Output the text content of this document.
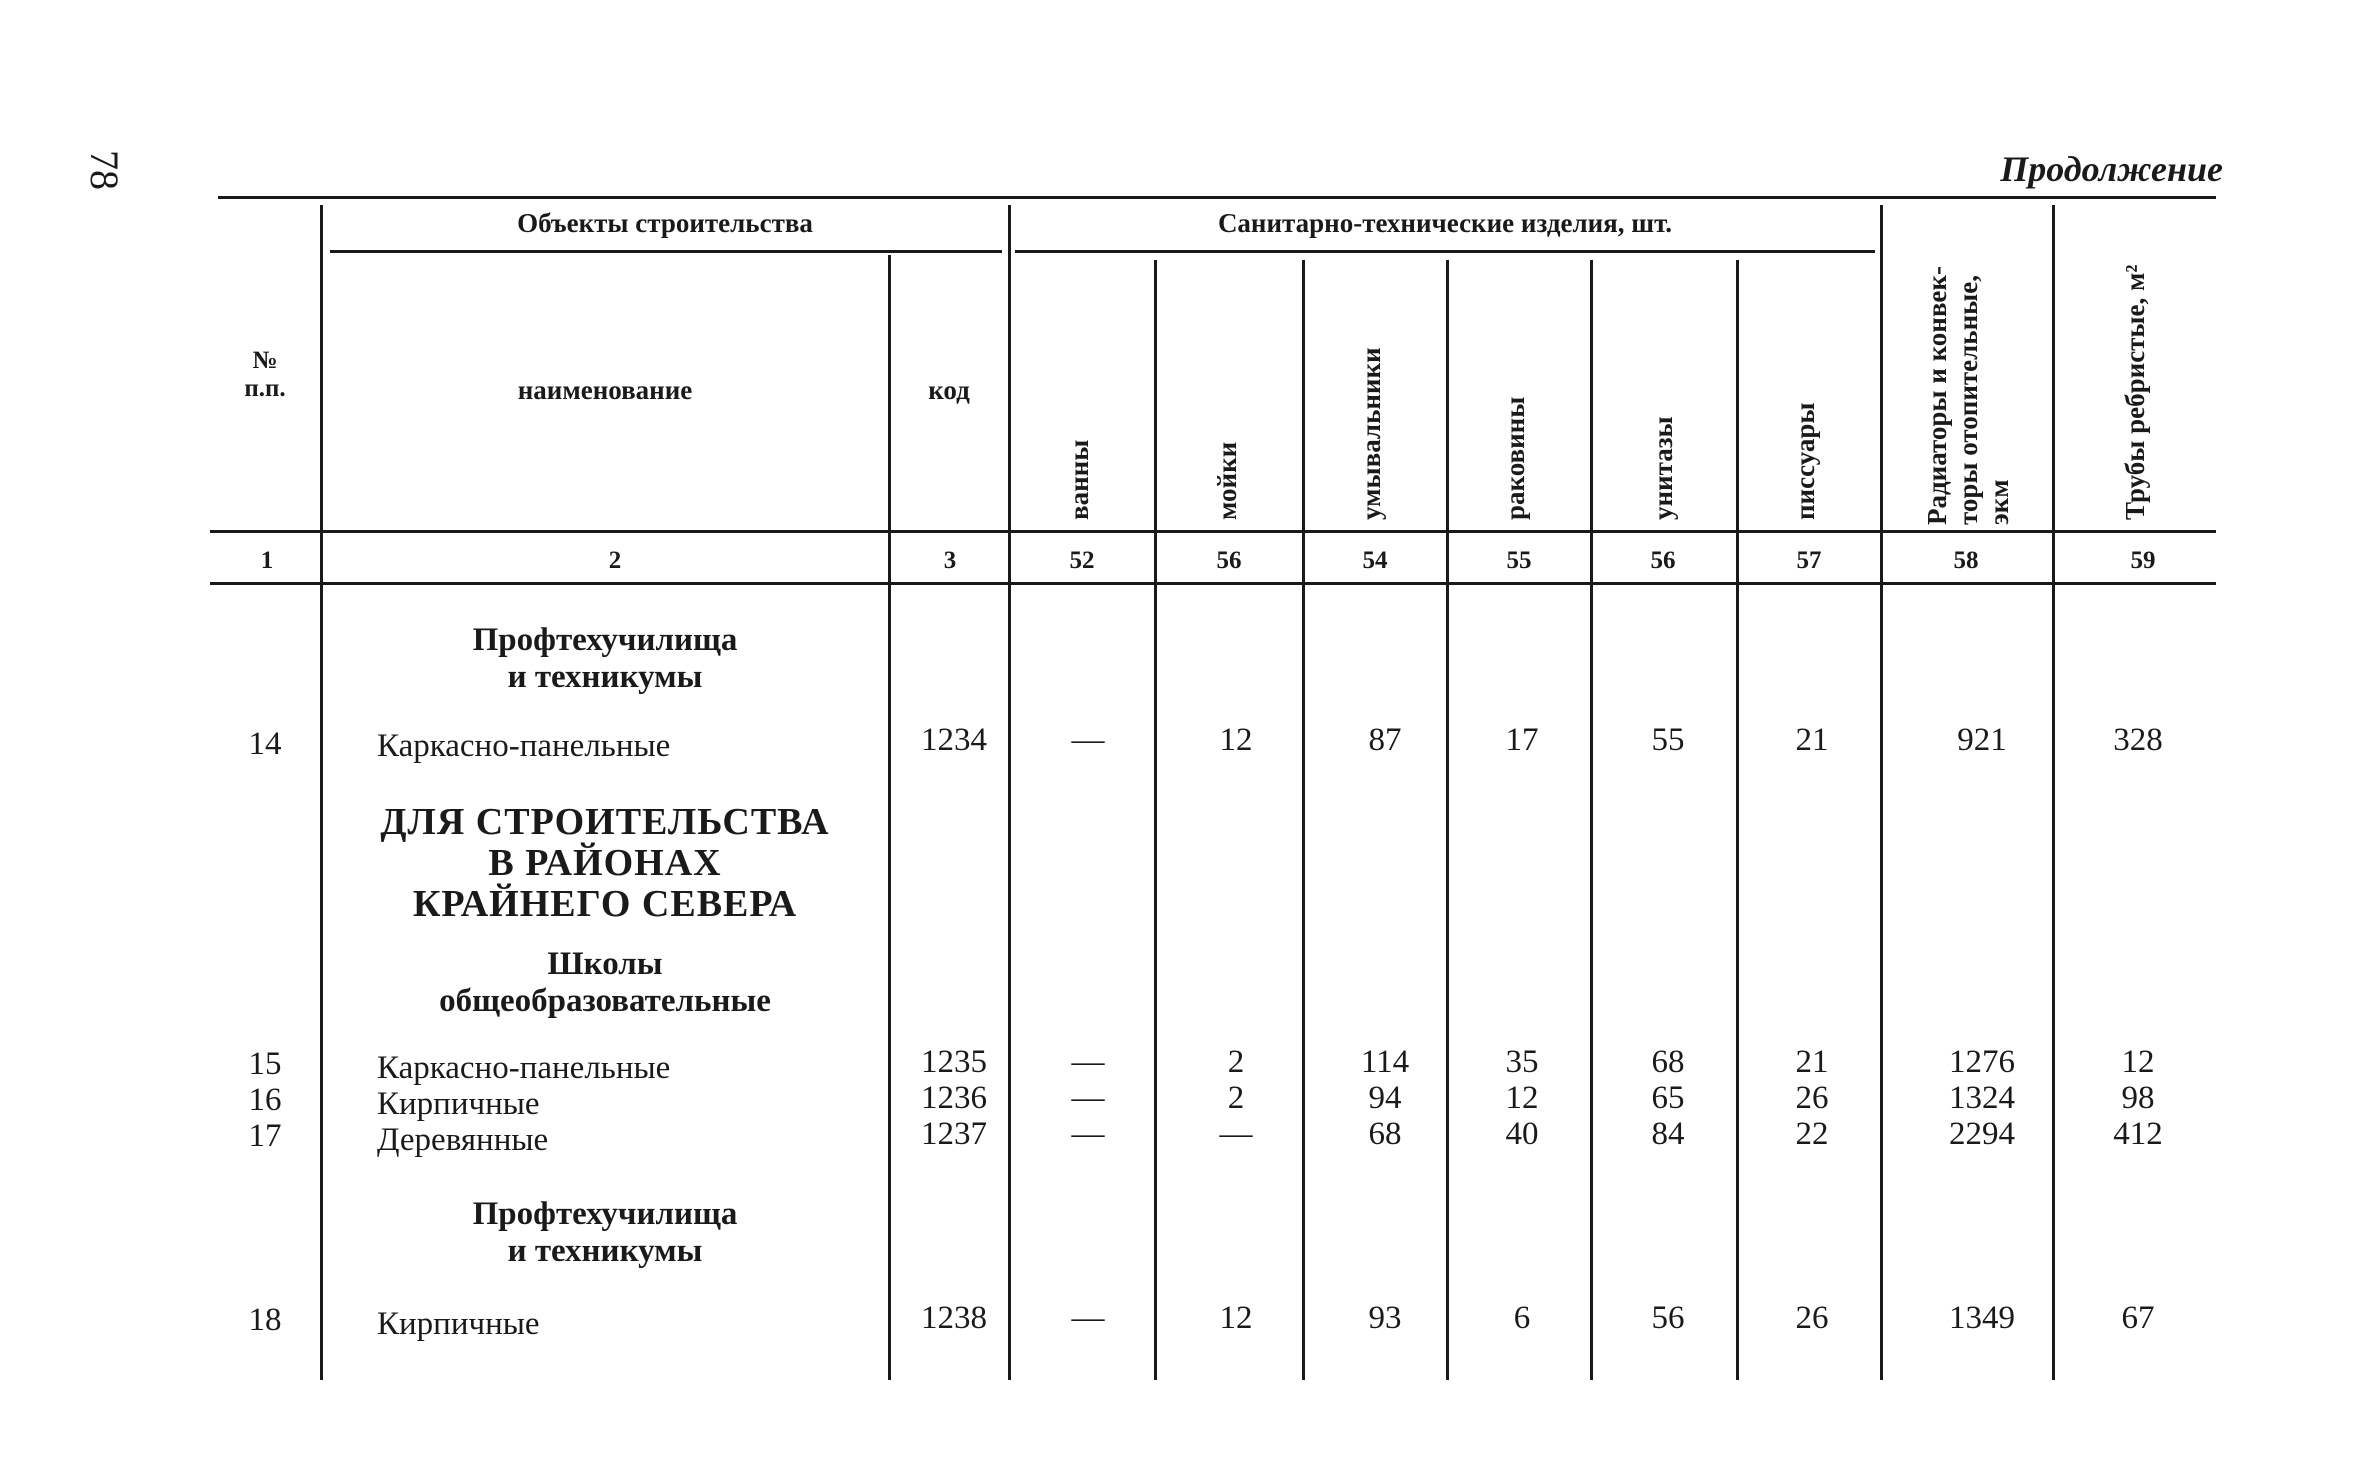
78	Продолжение
№
п.п.
Объекты строительства
наименование	код
Санитарно-технические изделия, шт.
ванны	мойки	умывальники	раковины	унитазы	писсуары	Радиаторы и конвек-
торы отопительные,
экм	Трубы ребристые, м²
1	2	3	52	56	54	55	56	57	58	59
Профтехучилища
и техникумы
ДЛЯ СТРОИТЕЛЬСТВА
В РАЙОНАХ
КРАЙНЕГО СЕВЕРА
Школы
общеобразовательные
Профтехучилища
и техникумы
14	Каркасно-панельные	1234	—	12	87	17	55	21	921	328
15	Каркасно-панельные	1235	—	2	114	35	68	21	1276	12
16	Кирпичные	1236	—	2	94	12	65	26	1324	98
17	Деревянные	1237	—	—	68	40	84	22	2294	412
18	Кирпичные	1238	—	12	93	6	56	26	1349	67
